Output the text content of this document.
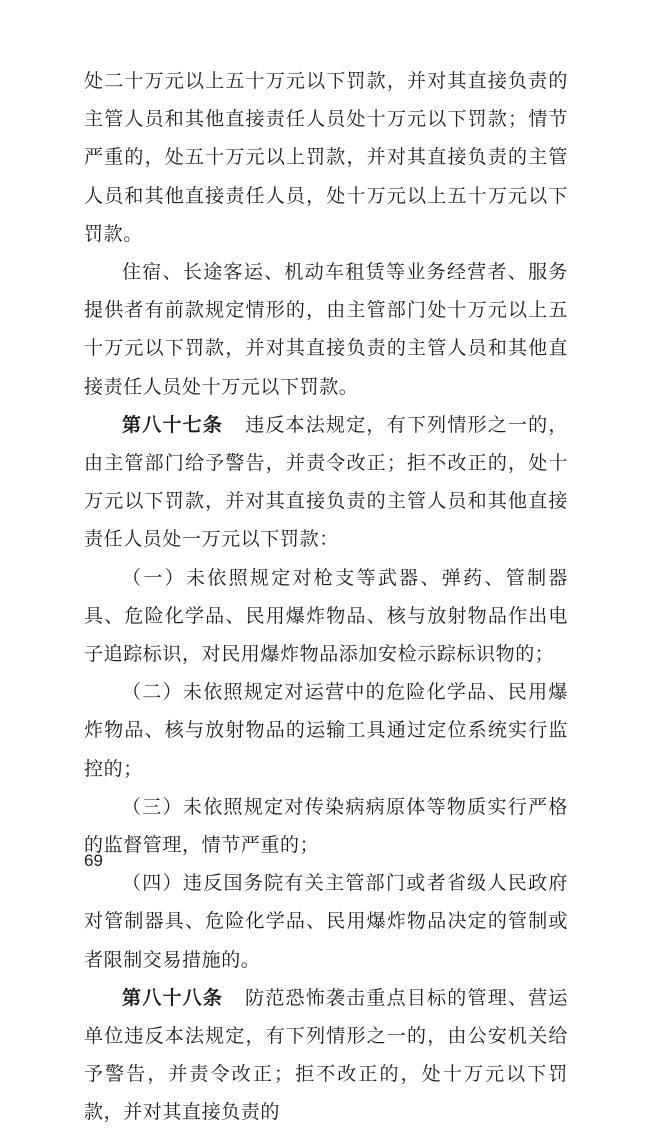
处二十万元以上五十万元以下罚款，并对其直接负责的主管人员和其他直接责任人员处十万元以下罚款；情节严重的，处五十万元以上罚款，并对其直接负责的主管人员和其他直接责任人员，处十万元以上五十万元以下罚款。

住宿、长途客运、机动车租赁等业务经营者、服务提供者有前款规定情形的，由主管部门处十万元以上五十万元以下罚款，并对其直接负责的主管人员和其他直接责任人员处十万元以下罚款。

第八十七条 违反本法规定，有下列情形之一的，由主管部门给予警告，并责令改正；拒不改正的，处十万元以下罚款，并对其直接负责的主管人员和其他直接责任人员处一万元以下罚款：

（一）未依照规定对枪支等武器、弹药、管制器具、危险化学品、民用爆炸物品、核与放射物品作出电子追踪标识，对民用爆炸物品添加安检示踪标识物的；

（二）未依照规定对运营中的危险化学品、民用爆炸物品、核与放射物品的运输工具通过定位系统实行监控的；

（三）未依照规定对传染病病原体等物质实行严格的监督管理，情节严重的；

（四）违反国务院有关主管部门或者省级人民政府对管制器具、危险化学品、民用爆炸物品决定的管制或者限制交易措施的。

第八十八条 防范恐怖袭击重点目标的管理、营运单位违反本法规定，有下列情形之一的，由公安机关给予警告，并责令改正；拒不改正的，处十万元以下罚款，并对其直接负责的

69
